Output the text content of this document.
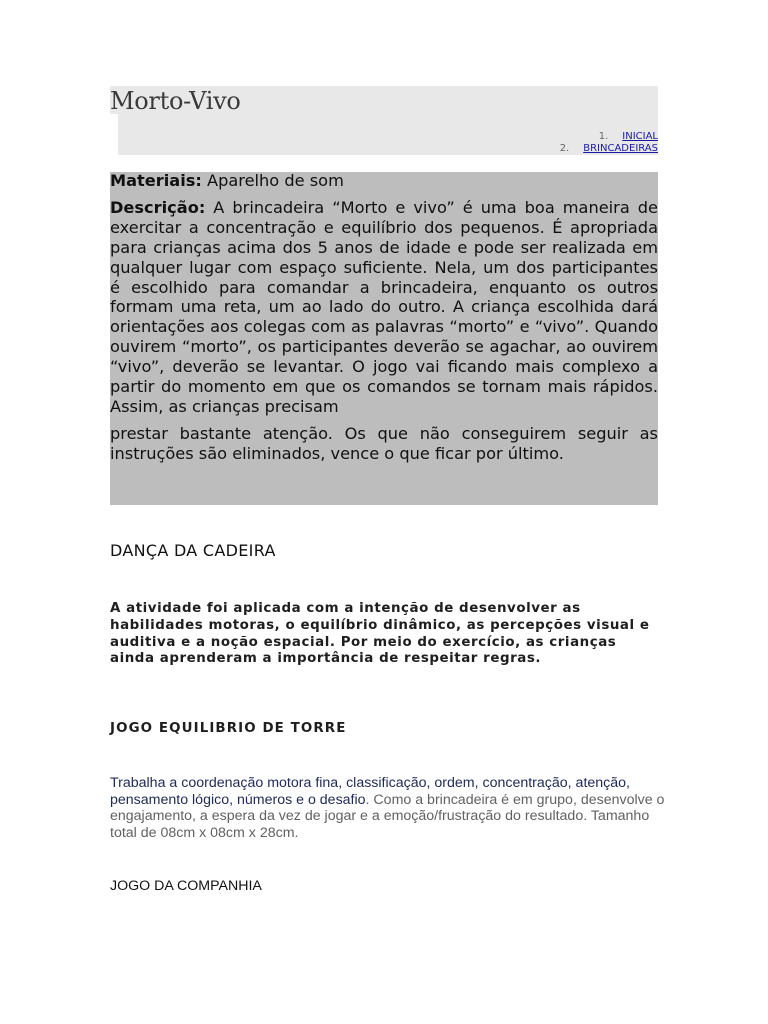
Morto-Vivo
1. INICIAL
2. BRINCADEIRAS

Materiais: Aparelho de som

Descrição: A brincadeira “Morto e vivo” é uma boa maneira de exercitar a concentração e equilíbrio dos pequenos. É apropriada para crianças acima dos 5 anos de idade e pode ser realizada em qualquer lugar com espaço suficiente. Nela, um dos participantes é escolhido para comandar a brincadeira, enquanto os outros formam uma reta, um ao lado do outro. A criança escolhida dará orientações aos colegas com as palavras “morto” e “vivo”. Quando ouvirem “morto”, os participantes deverão se agachar, ao ouvirem “vivo”, deverão se levantar. O jogo vai ficando mais complexo a partir do momento em que os comandos se tornam mais rápidos. Assim, as crianças precisam

prestar bastante atenção. Os que não conseguirem seguir as instruções são eliminados, vence o que ficar por último.

DANÇA DA CADEIRA
A atividade foi aplicada com a intenção de desenvolver as habilidades motoras, o equilíbrio dinâmico, as percepções visual e auditiva e a noção espacial. Por meio do exercício, as crianças ainda aprenderam a importância de respeitar regras.
JOGO EQUILIBRIO DE TORRE
Trabalha a coordenação motora fina, classificação, ordem, concentração, atenção, pensamento lógico, números e o desafio. Como a brincadeira é em grupo, desenvolve o engajamento, a espera da vez de jogar e a emoção/frustração do resultado. Tamanho total de 08cm x 08cm x 28cm.
JOGO DA COMPANHIA
